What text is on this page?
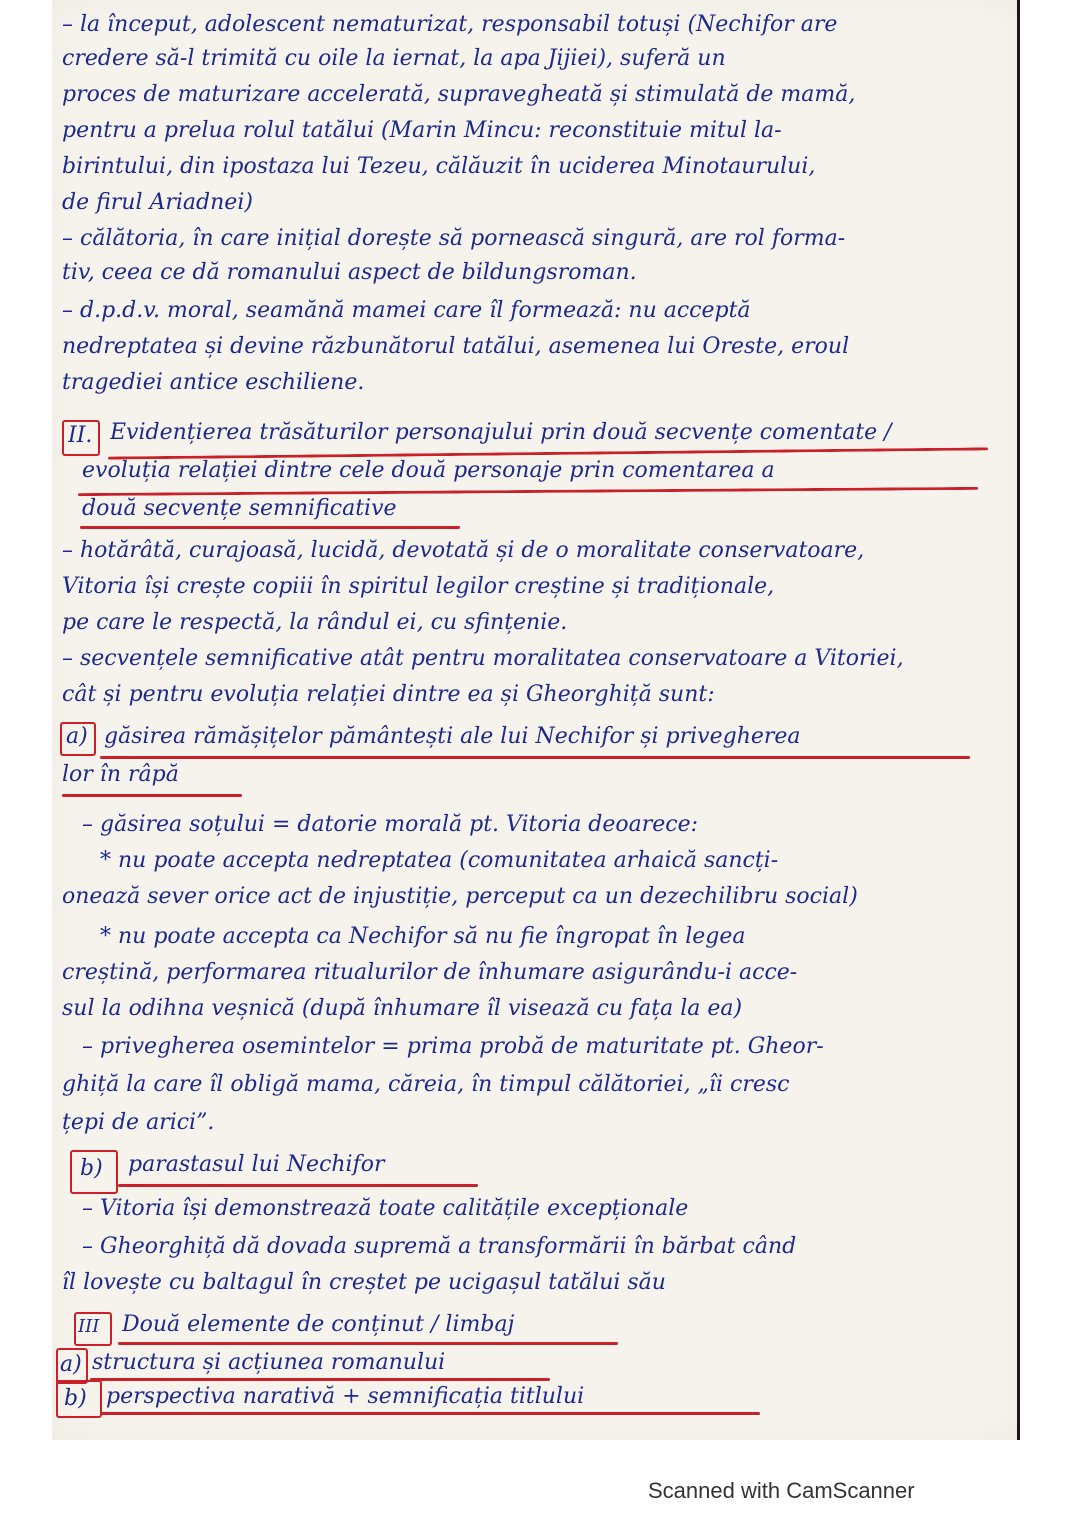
– la început, adolescent nematurizat, responsabil totuși (Nechifor are
credere să-l trimită cu oile la iernat, la apa Jijiei), suferă un
proces de maturizare accelerată, supravegheată și stimulată de mamă,
pentru a prelua rolul tatălui (Marin Mincu: reconstituie mitul la-
birintului, din ipostaza lui Tezeu, călăuzit în uciderea Minotaurului,
de firul Ariadnei)
– călătoria, în care inițial dorește să pornească singură, are rol forma-
tiv, ceea ce dă romanului aspect de bildungsroman.
– d.p.d.v. moral, seamănă mamei care îl formează: nu acceptă
nedreptatea și devine răzbunătorul tatălui, asemenea lui Oreste, eroul
tragediei antice eschiliene.
II. Evidențierea trăsăturilor personajului prin două secvențe comentate /
evoluția relației dintre cele două personaje prin comentarea a
două secvențe semnificative
– hotărâtă, curajoasă, lucidă, devotată și de o moralitate conservatoare,
Vitoria își crește copiii în spiritul legilor creștine și tradiționale,
pe care le respectă, la rândul ei, cu sfințenie.
– secvențele semnificative atât pentru moralitatea conservatoare a Vitoriei,
cât și pentru evoluția relației dintre ea și Gheorghiță sunt:
a) găsirea rămășițelor pământești ale lui Nechifor și privegherea
lor în râpă
– găsirea soțului = datorie morală pt. Vitoria deoarece:
* nu poate accepta nedreptatea (comunitatea arhaică sancți-
onează sever orice act de injustiție, perceput ca un dezechilibru social)
* nu poate accepta ca Nechifor să nu fie îngropat în legea
creștină, performarea ritualurilor de înhumare asigurându-i acce-
sul la odihna veșnică (după înhumare îl visează cu fața la ea)
– privegherea osemintelor = prima probă de maturitate pt. Gheor-
ghiță la care îl obligă mama, căreia, în timpul călătoriei, „îi cresc
țepi de arici”.
b)	parastasul lui Nechifor
– Vitoria își demonstrează toate calitățile excepționale
– Gheorghiță dă dovada supremă a transformării în bărbat când
îl lovește cu baltagul în creștet pe ucigașul tatălui său
III	Două elemente de conținut / limbaj
a) structura și acțiunea romanului
b) perspectiva narativă + semnificația titlului
Scanned with CamScanner
